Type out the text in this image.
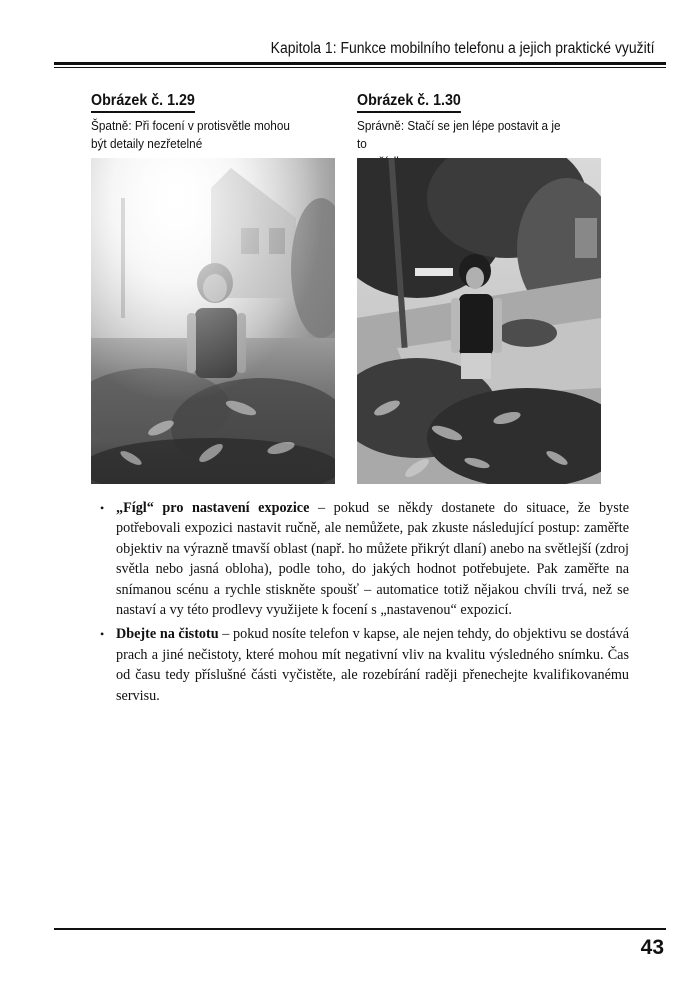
Kapitola 1: Funkce mobilního telefonu a jejich praktické využití
Obrázek č. 1.29
Špatně: Při focení v protisvětle mohou
být detaily nezřetelné
Obrázek č. 1.30
Správně: Stačí se jen lépe postavit a je to
• „Fígl“ pro nastavení expozice – pokud se někdy dostanete do situace, že byste potřebovali expozici nastavit ručně, ale nemůžete, pak zkuste následující postup: zaměřte objektiv na výrazně tmavší oblast (např. ho můžete přikrýt dlaní) anebo na světlejší (zdroj světla nebo jasná obloha), podle toho, do jakých hodnot potřebujete. Pak zaměřte na snímanou scénu a rychle stiskněte spoušť – automatice totiž nějakou chvíli trvá, než se nastaví a vy této prodlevy využijete k focení s „nastavenou“ expozicí.
• Dbejte na čistotu – pokud nosíte telefon v kapse, ale nejen tehdy, do objektivu se dostává prach a jiné nečistoty, které mohou mít negativní vliv na kvalitu výsledného snímku. Čas od času tedy příslušné části vyčistěte, ale rozebírání raději přenechejte kvalifikovanému servisu.
43
